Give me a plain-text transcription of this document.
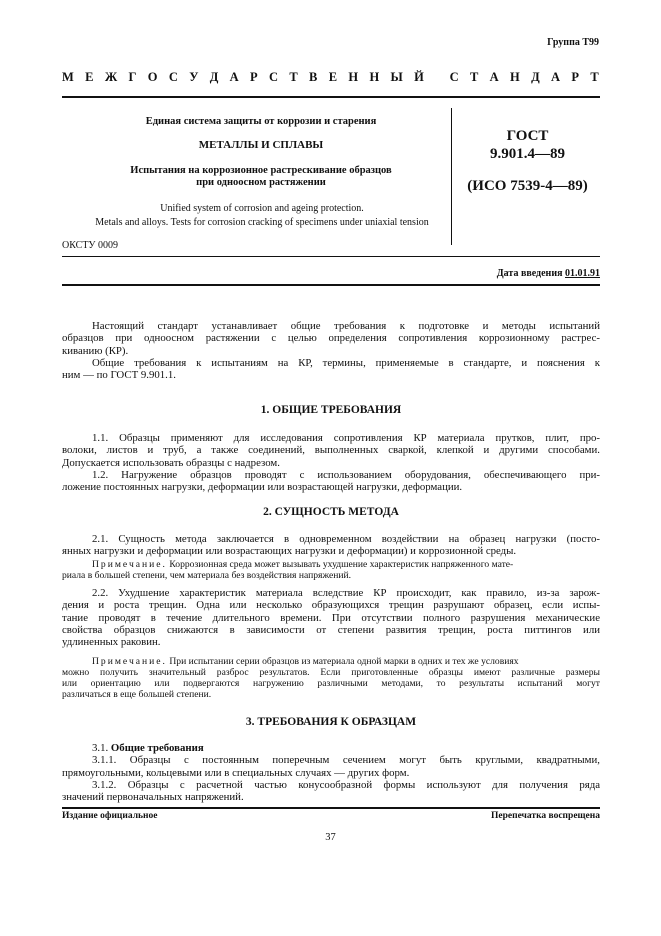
Группа Т99
М Е Ж Г О С У Д А Р С Т В Е Н Н Ы Й
С Т А Н Д А Р Т
Единая система защиты от коррозии и старения
МЕТАЛЛЫ И СПЛАВЫ
Испытания на коррозионное растрескивание образцов
при одноосном растяжении
ГОСТ
9.901.4—89
(ИСО 7539-4—89)
Unified system of corrosion and ageing protection.
Metals and alloys. Tests for corrosion cracking of specimens under uniaxial tension
ОКСТУ 0009
Дата введения 01.01.91
Настоящий стандарт устанавливает общие требования к подготовке и методы испытаний
образцов при одноосном растяжении с целью определения сопротивления коррозионному растрес-
киванию (КР).
Общие требования к испытаниям на КР, термины, применяемые в стандарте, и пояснения к
ним — по ГОСТ 9.901.1.
1. ОБЩИЕ ТРЕБОВАНИЯ
1.1. Образцы применяют для исследования сопротивления КР материала прутков, плит, про-
волоки, листов и труб, а также соединений, выполненных сваркой, клепкой и другими способами.
Допускается использовать образцы с надрезом.
1.2. Нагружение образцов проводят с использованием оборудования, обеспечивающего при-
ложение постоянных нагрузки, деформации или возрастающей нагрузки, деформации.
2. СУЩНОСТЬ МЕТОДА
2.1. Сущность метода заключается в одновременном воздействии на образец нагрузки (посто-
янных нагрузки и деформации или возрастающих нагрузки и деформации) и коррозионной среды.
Примечание. Коррозионная среда может вызывать ухудшение характеристик напряженного мате-
риала в большей степени, чем материала без воздействия напряжений.
2.2. Ухудшение характеристик материала вследствие КР происходит, как правило, из-за зарож-
дения и роста трещин. Одна или несколько образующихся трещин разрушают образец, если испы-
тание проводят в течение длительного времени. При отсутствии полного разрушения механические
свойства образцов снижаются в зависимости от степени развития трещин, роста питтингов или
удлиненных раковин.
Примечание. При испытании серии образцов из материала одной марки в одних и тех же условиях
можно получить значительный разброс результатов. Если приготовленные образцы имеют различные размеры
или ориентацию или подвергаются нагружению различными методами, то результаты испытаний могут
различаться в еще большей степени.
3. ТРЕБОВАНИЯ К ОБРАЗЦАМ
3.1. Общие требования
3.1.1. Образцы с постоянным поперечным сечением могут быть круглыми, квадратными,
прямоугольными, кольцевыми или в специальных случаях — других форм.
3.1.2. Образцы с расчетной частью конусообразной формы используют для получения ряда
значений первоначальных напряжений.
Издание официальное	Перепечатка воспрещена
37
